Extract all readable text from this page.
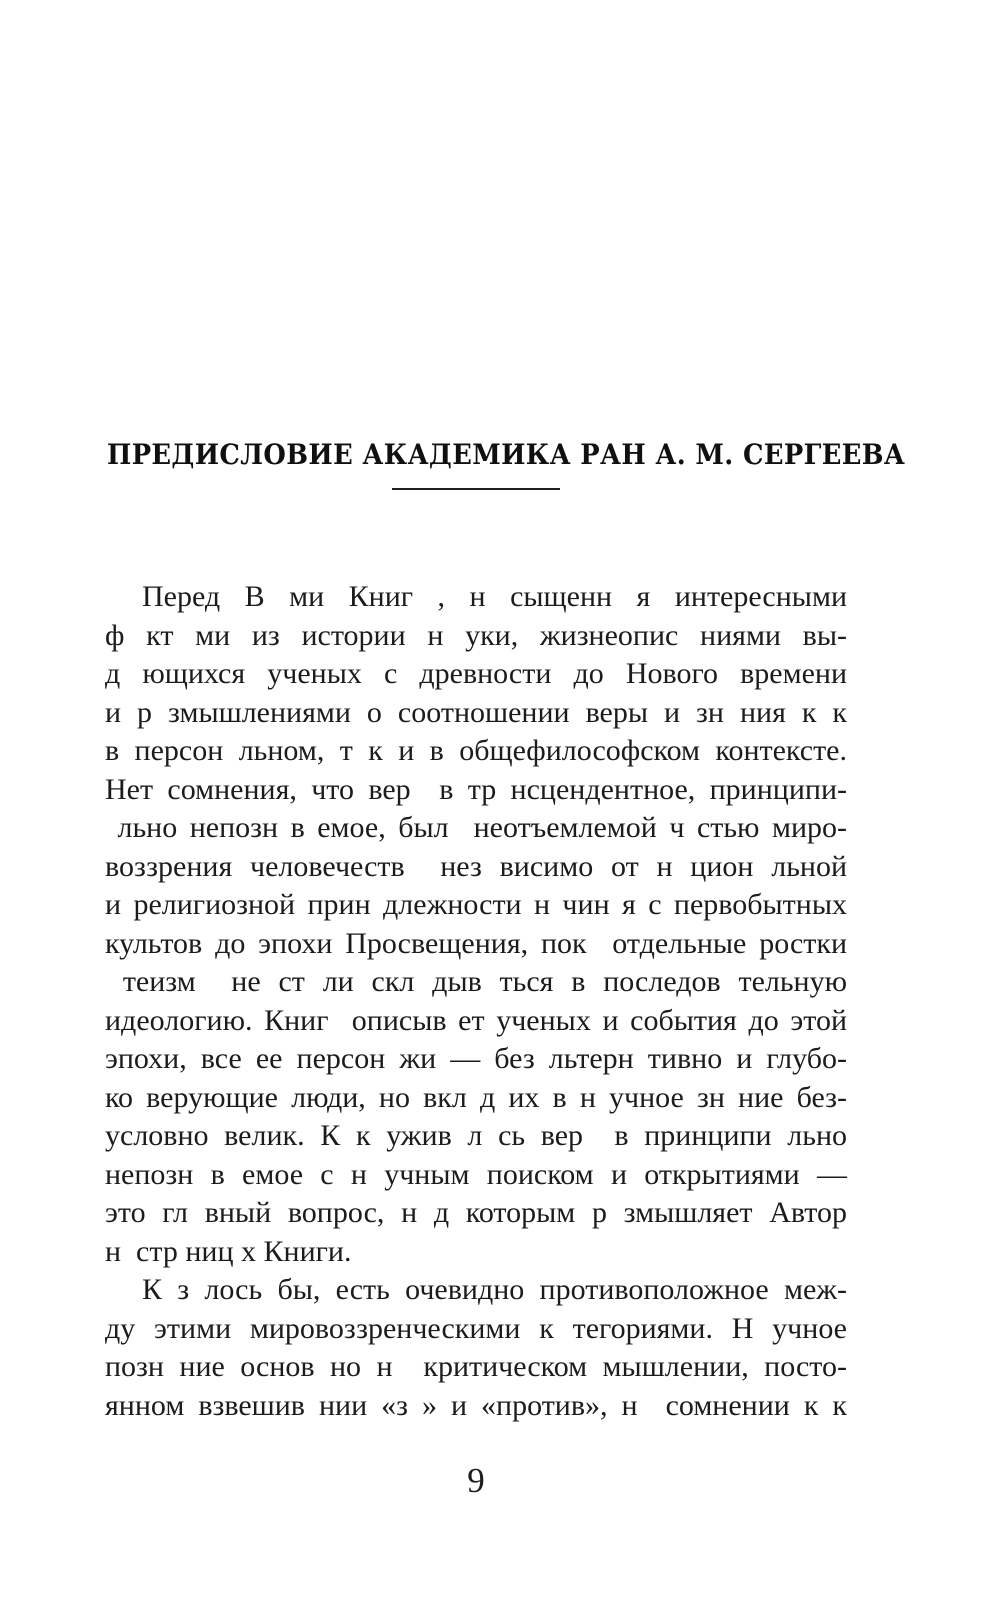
ПРЕДИСЛОВИЕ АКАДЕМИКА РАН А. М. СЕРГЕЕВА
Перед В ми Книг , н сыщенн я интересными
ф кт ми из истории н уки, жизнеопис ниями вы-
д ющихся ученых с древности до Нового времени
и р змышлениями о соотношении веры и зн ния к к
в персон льном, т к и в общефилософском контексте.
Нет сомнения, что вер  в тр нсцендентное, принципи-
льно непозн в емое, был  неотъемлемой ч стью миро-
воззрения человечеств  нез висимо от н цион льной
и религиозной прин длежности н чин я с первобытных
культов до эпохи Просвещения, пок  отдельные ростки
теизм  не ст ли скл дыв ться в последов тельную
идеологию. Книг  описыв ет ученых и события до этой
эпохи, все ее персон жи — без льтерн тивно и глубо-
ко верующие люди, но вкл д их в н учное зн ние без-
условно велик. К к ужив л сь вер  в принципи льно
непозн в емое с н учным поиском и открытиями —
это гл вный вопрос, н д которым р змышляет Автор
н  стр ниц х Книги.
К з лось бы, есть очевидно противоположное меж-
ду этими мировоззренческими к тегориями. Н учное
позн ние основ но н  критическом мышлении, посто-
янном взвешив нии «з » и «против», н  сомнении к к
9
